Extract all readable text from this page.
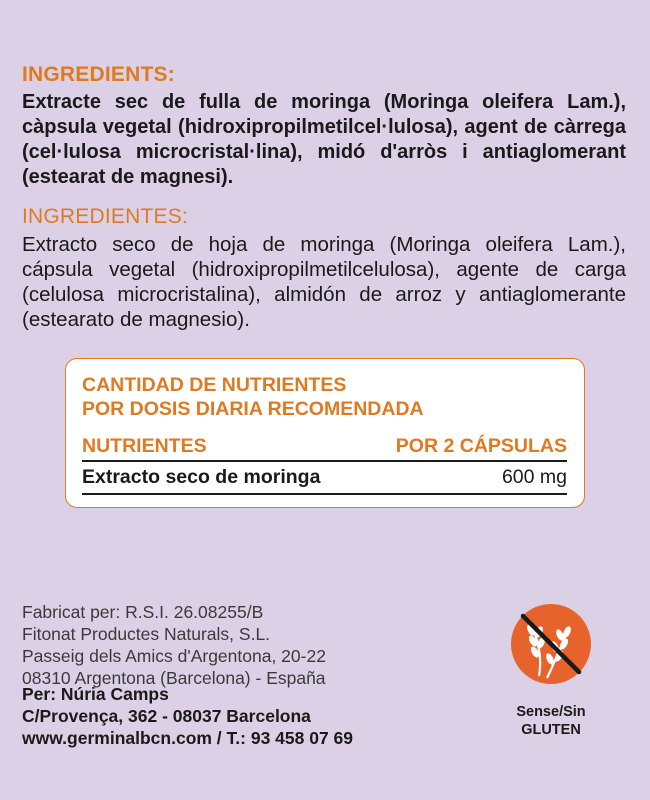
INGREDIENTS:

Extracte sec de fulla de moringa (Moringa oleifera Lam.), càpsula vegetal (hidroxipropilmetilcel·lulosa), agent de càrrega (cel·lulosa microcristal·lina), midó d'arròs i antiaglomerant (estearat de magnesi).

INGREDIENTES:

Extracto seco de hoja de moringa (Moringa oleifera Lam.), cápsula vegetal (hidroxipropilmetilcelulosa), agente de carga (celulosa microcristalina), almidón de arroz y antiaglomerante (estearato de magnesio).

CANTIDAD DE NUTRIENTES
POR DOSIS DIARIA RECOMENDADA
NUTRIENTES	POR 2 CÁPSULAS
Extracto seco de moringa	600 mg
Fabricat per: R.S.I. 26.08255/B
Fitonat Productes Naturals, S.L.
Passeig dels Amics d'Argentona, 20-22
08310 Argentona (Barcelona) - España
Per: Núria Camps
C/Provença, 362 - 08037 Barcelona
www.germinalbcn.com / T.: 93 458 07 69
Sense/Sin
GLUTEN
